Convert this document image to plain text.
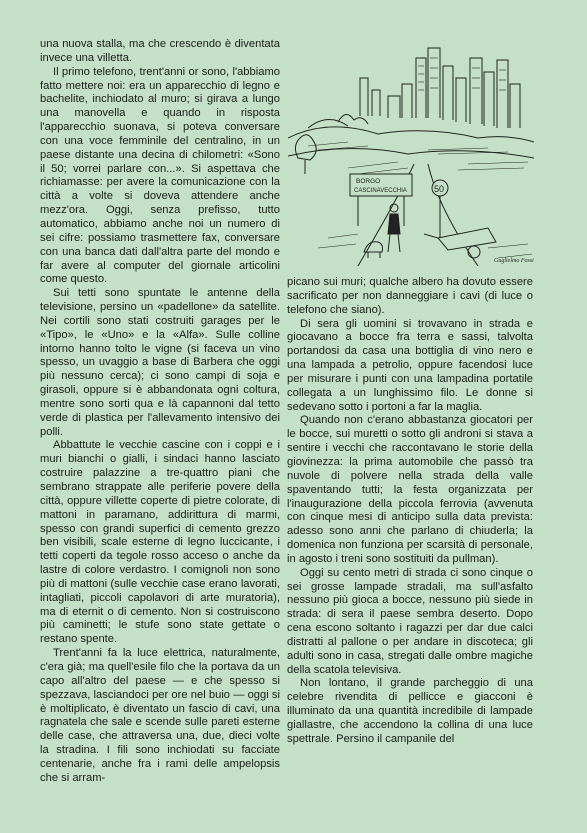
una nuova stalla, ma che crescendo è diventata invece una villetta.

Il primo telefono, trent'anni or sono, l'abbiamo fatto mettere noi: era un apparecchio di legno e bachelite, inchiodato al muro; si girava a lungo una manovella e quando in risposta l'apparecchio suonava, si poteva conversare con una voce femminile del centralino, in un paese distante una decina di chilometri: «Sono il 50; vorrei parlare con...». Si aspettava che richiamasse: per avere la comunicazione con la città a volte si doveva attendere anche mezz'ora. Oggi, senza prefisso, tutto automatico, abbiamo anche noi un numero di sei cifre: possiamo trasmettere fax, conversare con una banca dati dall'altra parte del mondo e far avere al computer del giornale articolini come questo.

Sui tetti sono spuntate le antenne della televisione, persino un «padellone» da satellite. Nei cortili sono stati costruiti garages per le «Tipo», le «Uno» e la «Alfa». Sulle colline intorno hanno tolto le vigne (si faceva un vino spesso, un uvaggio a base di Barbera che oggi più nessuno cerca); ci sono campi di soja e girasoli, oppure si è abbandonata ogni coltura, mentre sono sorti qua e là capannoni dal tetto verde di plastica per l'allevamento intensivo dei polli.

Abbattute le vecchie cascine con i coppi e i muri bianchi o gialli, i sindaci hanno lasciato costruire palazzine a tre-quattro piani che sembrano strappate alle periferie povere della città, oppure villette coperte di pietre colorate, di mattoni in paramano, addirittura di marmi, spesso con grandi superfici di cemento grezzo ben visibili, scale esterne di legno luccicante, i tetti coperti da tegole rosso acceso o anche da lastre di colore verdastro. I comignoli non sono più di mattoni (sulle vecchie case erano lavorati, intagliati, piccoli capolavori di arte muratoria), ma di eternit o di cemento. Non si costruiscono più caminetti; le stufe sono state gettate o restano spente.

Trent'anni fa la luce elettrica, naturalmente, c'era già; ma quell'esile filo che la portava da un capo all'altro del paese — e che spesso si spezzava, lasciandoci per ore nel buio — oggi si è moltiplicato, è diventato un fascio di cavi, una ragnatela che sale e scende sulle pareti esterne delle case, che attraversa una, due, dieci volte la stradina. I fili sono inchiodati su facciate centenarie, anche fra i rami delle ampelopsis che si arram-

BORGO
CASCINAVECCHIA	50
Guglielmo Fossi

picano sui muri; qualche albero ha dovuto essere sacrificato per non danneggiare i cavi (di luce o telefono che siano).

Di sera gli uomini si trovavano in strada e giocavano a bocce fra terra e sassi, talvolta portandosi da casa una bottiglia di vino nero e una lampada a petrolio, oppure facendosi luce per misurare i punti con una lampadina portatile collegata a un lunghissimo filo. Le donne si sedevano sotto i portoni a far la maglia.

Quando non c'erano abbastanza giocatori per le bocce, sui muretti o sotto gli androni si stava a sentire i vecchi che raccontavano le storie della giovinezza: la prima automobile che passò tra nuvole di polvere nella strada della valle spaventando tutti; la festa organizzata per l'inaugurazione della piccola ferrovia (avvenuta con cinque mesi di anticipo sulla data prevista: adesso sono anni che parlano di chiuderla; la domenica non funziona per scarsità di personale, in agosto i treni sono sostituiti da pullman).

Oggi su cento metri di strada ci sono cinque o sei grosse lampade stradali, ma sull'asfalto nessuno più gioca a bocce, nessuno più siede in strada: di sera il paese sembra deserto. Dopo cena escono soltanto i ragazzi per dar due calci distratti al pallone o per andare in discoteca; gli adulti sono in casa, stregati dalle ombre magiche della scatola televisiva.

Non lontano, il grande parcheggio di una celebre rivendita di pellicce e giacconi è illuminato da una quantità incredibile di lampade giallastre, che accendono la collina di una luce spettrale. Persino il campanile del
